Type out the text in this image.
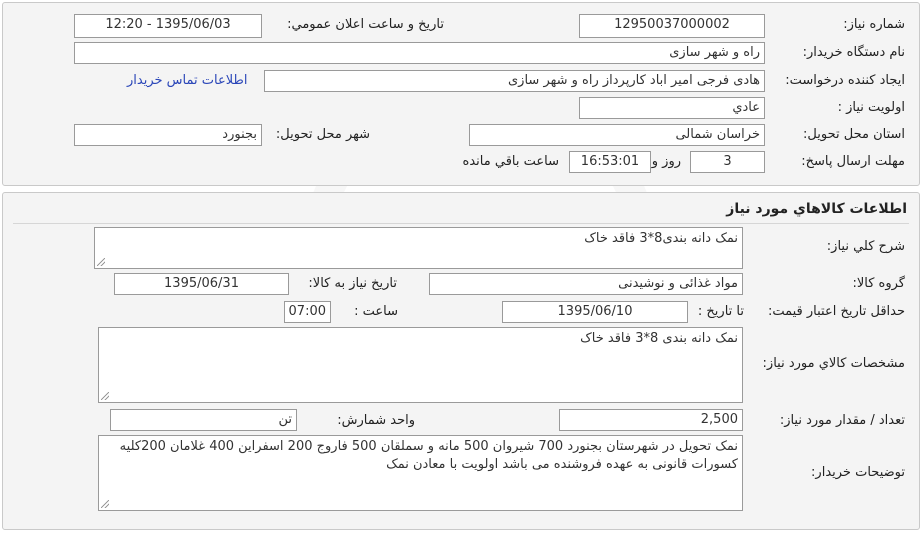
شماره نياز:
12950037000002
تاريخ و ساعت اعلان عمومي:
1395/06/03 - 12:20
نام دستگاه خريدار:
راه و شهر سازی
ايجاد کننده درخواست:
هادی فرجی امیر اباد کارپرداز راه و شهر سازی
اطلاعات تماس خريدار
اولويت نياز :
عادي
استان محل تحويل:
خراسان شمالی
شهر محل تحويل:
بجنورد
مهلت ارسال پاسخ:
3
روز و
16:53:01
ساعت باقي مانده
اطلاعات کالاهاي مورد نياز
شرح کلي نياز:
نمک دانه بندی8*3 فاقد خاک
گروه کالا:
مواد غذائی و نوشیدنی
تاريخ نياز به کالا:
1395/06/31
حداقل تاريخ اعتبار قيمت:
تا تاريخ :
1395/06/10
ساعت :
07:00
مشخصات کالاي مورد نياز:
نمک دانه بندی 8*3 فاقد خاک
تعداد / مقدار مورد نياز:
2,500
واحد شمارش:
تن
توضيحات خريدار:
نمک تحویل در شهرستان بجنورد 700 شیروان 500 مانه و سملقان 500 فاروج 200 اسفراین 400 غلامان 200کلیه کسورات قانونی به عهده فروشنده می باشد اولویت با معادن نمک
